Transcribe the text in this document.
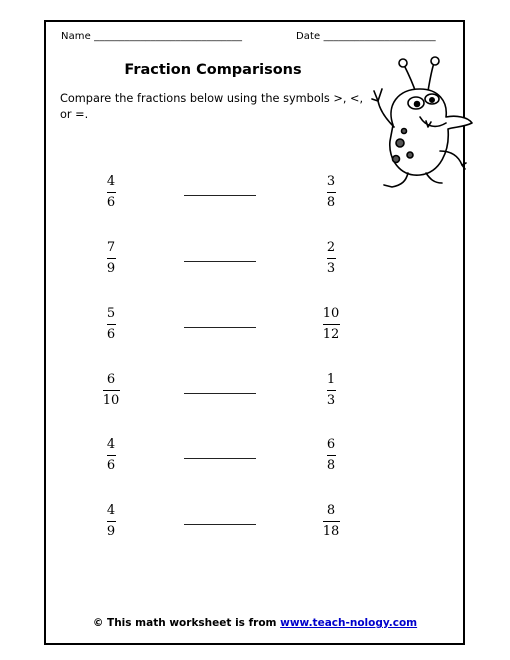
Name _____________________________	Date ______________________
Fraction Comparisons
Compare the fractions below using the symbols >, <, or =.
4
6
3
8
7
9
2
3
5
6
10
12
6
10
1
3
4
6
6
8
4
9
8
18
© This math worksheet is from www.teach-nology.com
